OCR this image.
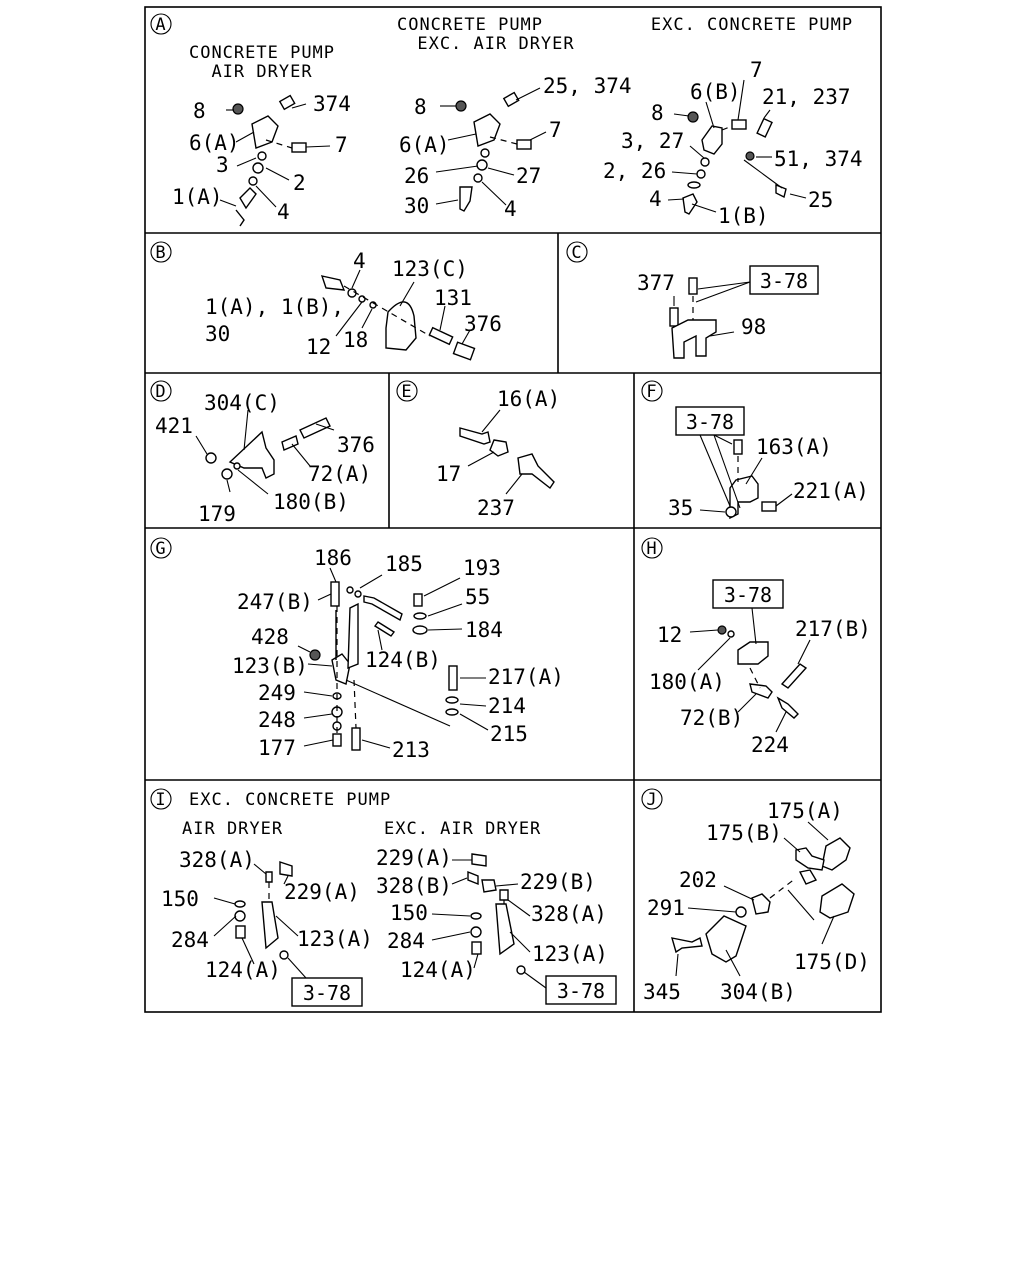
A
CONCRETE PUMP
AIR DRYER
CONCRETE PUMP
EXC. AIR DRYER
EXC. CONCRETE PUMP
8	374
6(A)	7
3
2
1(A)
4
8
25, 374
6(A)
7
26	27
30	4
7
6(B) 21, 237
8
3, 27
51, 374
2, 26
4
1(B)
25
B	4 123(C)
1(A), 1(B),
30
131
376
12 18
C
377
98
3-78
D 304(C)
421
376
72(A)
179 180(B)
E	16(A)
17
237
F
3-78
163(A)
221(A)
35
G	186 185 193
247(B)	55
184
428
124(B)
123(B)	217(A)
249
214
248
215
177	213
H
3-78
12	217(B)
180(A)
72(B)
224
I EXC. CONCRETE PUMP
AIR DRYER	EXC. AIR DRYER
328(A)
229(A)
150
284	123(A)
124(A)
3-78
229(A)
328(B)	229(B)
150	328(A)
284
123(A)
124(A)
3-78
J	175(A)
175(B)
202
291
175(D)
345 304(B)
